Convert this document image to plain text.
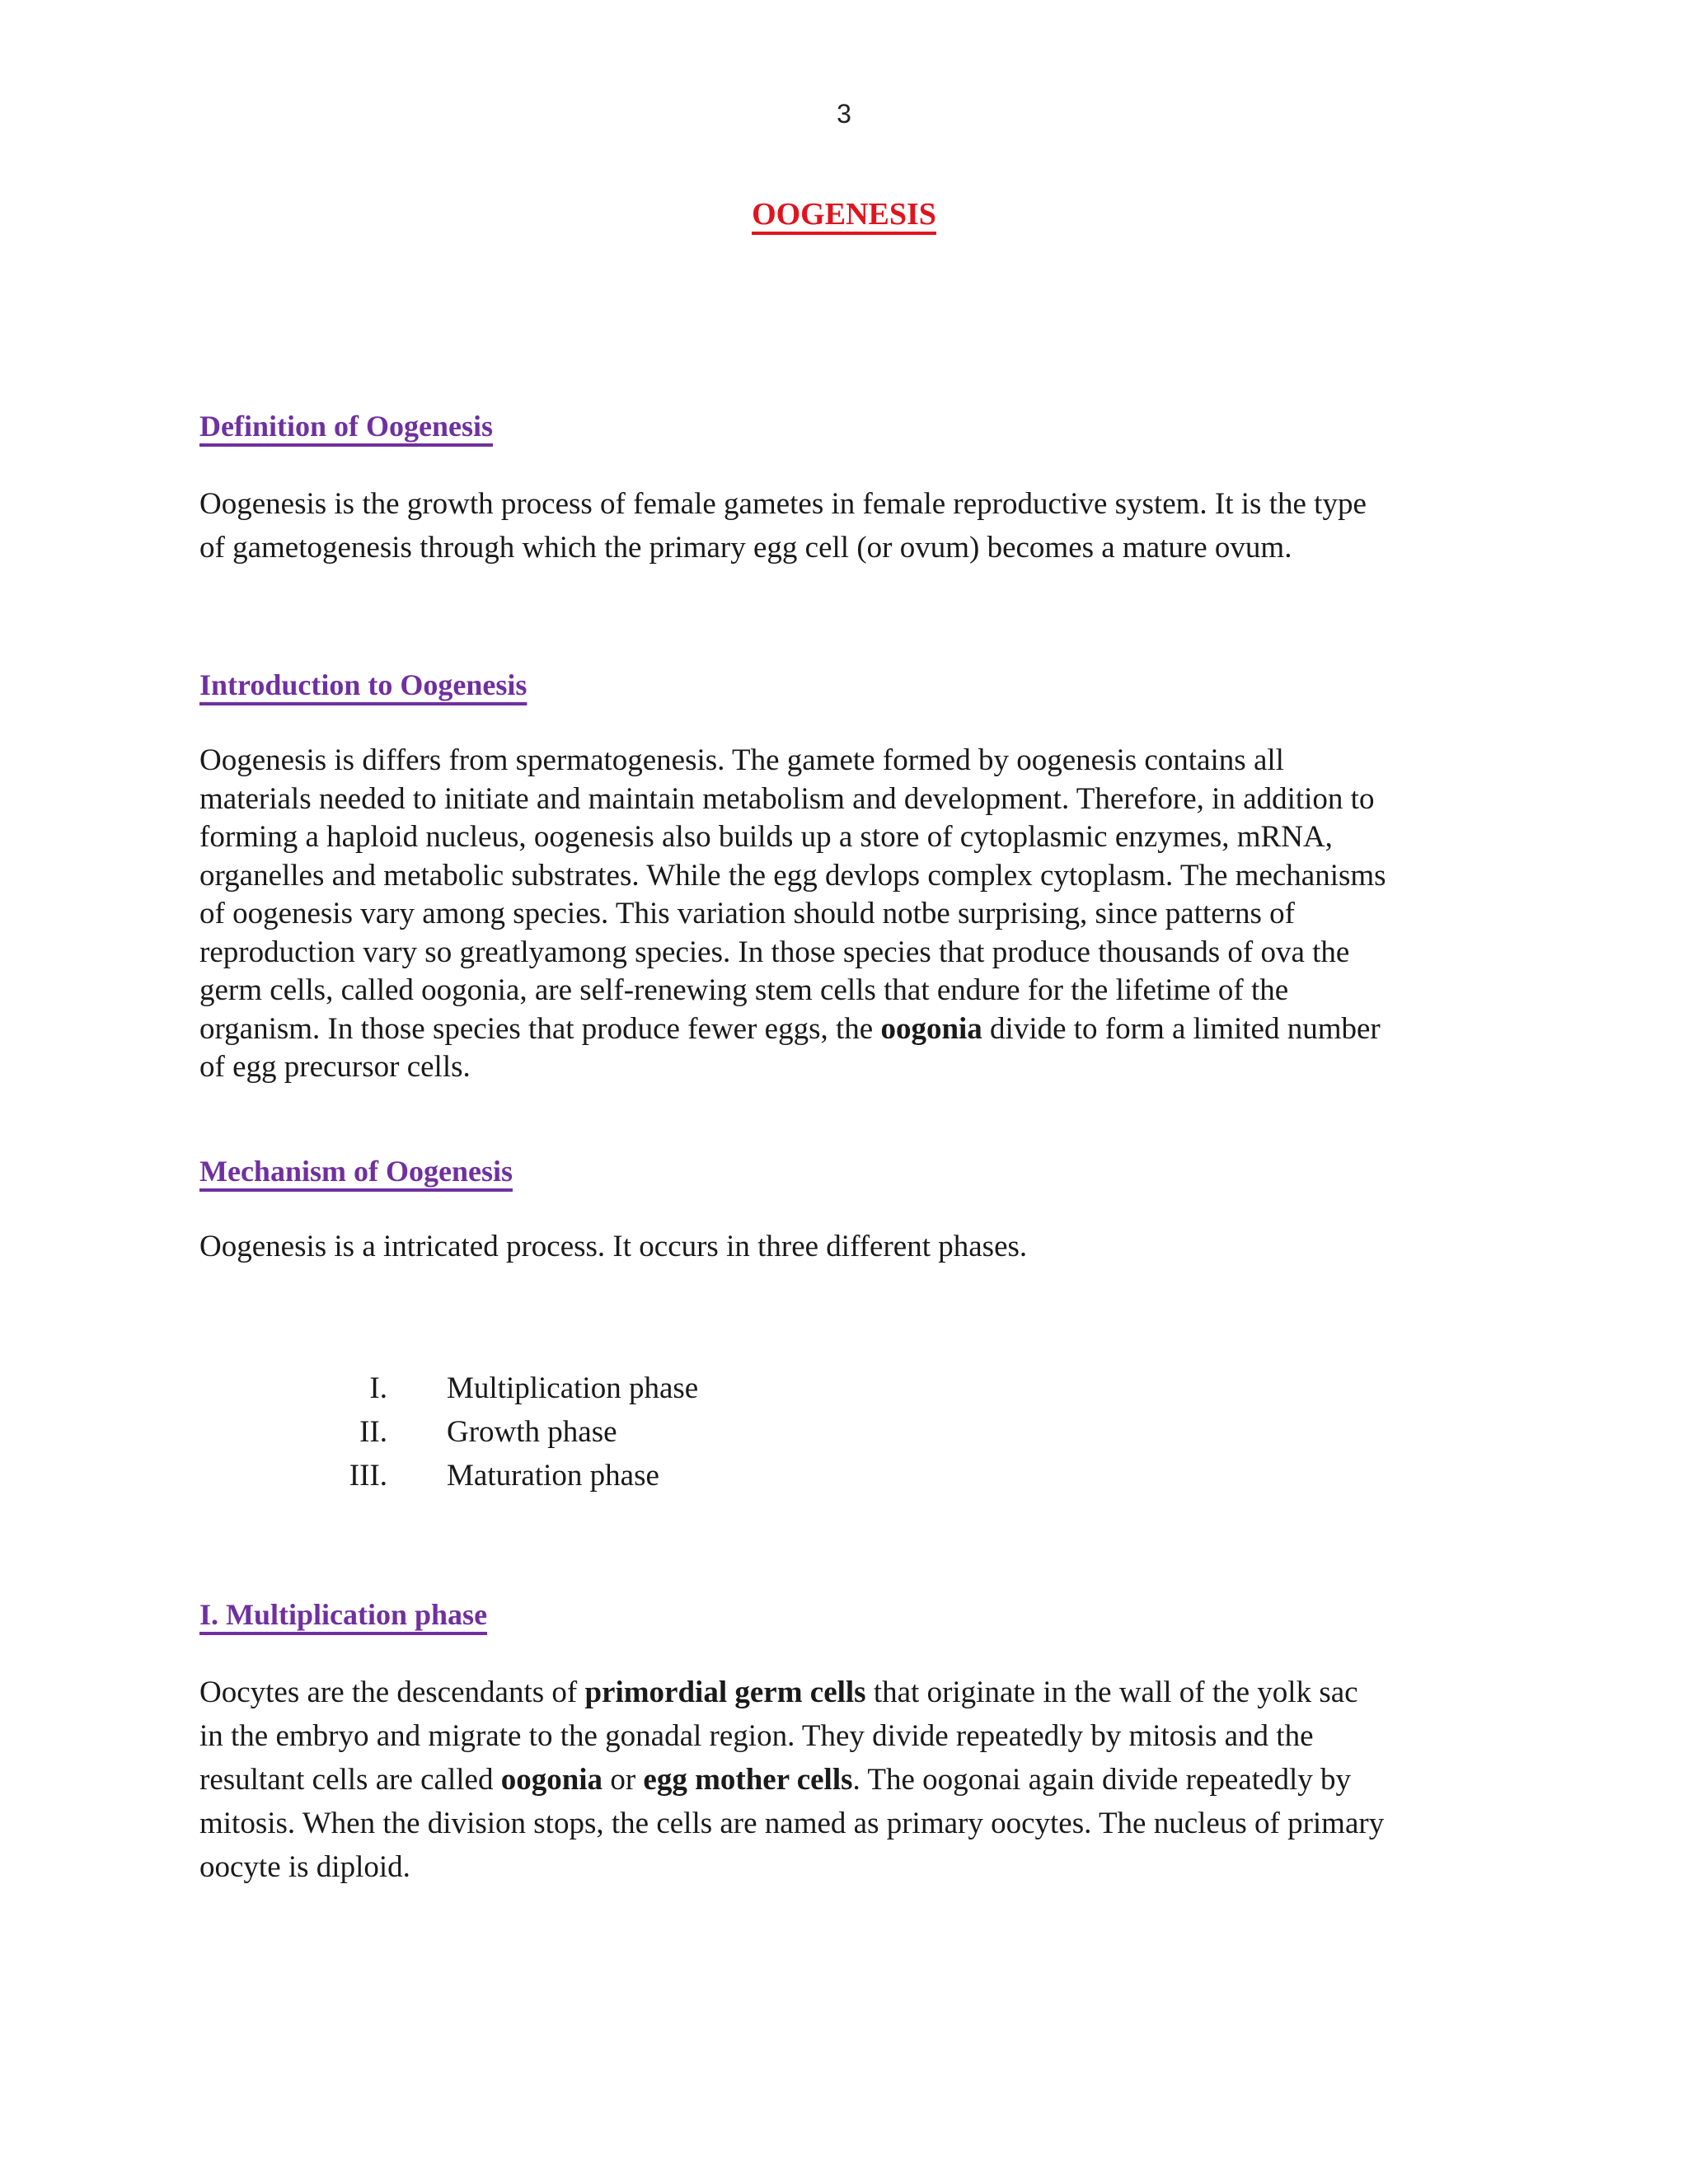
3
OOGENESIS
Definition of Oogenesis
Oogenesis is the growth process of female gametes in female reproductive system. It is the type
of gametogenesis through which the primary egg cell (or ovum) becomes a mature ovum.
Introduction to Oogenesis
Oogenesis is differs from spermatogenesis. The gamete formed by oogenesis contains all
materials needed to initiate and maintain metabolism and development. Therefore, in addition to
forming a haploid nucleus, oogenesis also builds up a store of cytoplasmic enzymes, mRNA,
organelles and metabolic substrates. While the egg devlops complex cytoplasm. The mechanisms
of oogenesis vary among species. This variation should notbe surprising, since patterns of
reproduction vary so greatlyamong species. In those species that produce thousands of ova the
germ cells, called oogonia, are self-renewing stem cells that endure for the lifetime of the
organism. In those species that produce fewer eggs, the oogonia divide to form a limited number
of egg precursor cells.
Mechanism of Oogenesis
Oogenesis is a intricated process. It occurs in three different phases.
I. Multiplication phase
II. Growth phase
III. Maturation phase
I. Multiplication phase
Oocytes are the descendants of primordial germ cells that originate in the wall of the yolk sac
in the embryo and migrate to the gonadal region. They divide repeatedly by mitosis and the
resultant cells are called oogonia or egg mother cells. The oogonai again divide repeatedly by
mitosis. When the division stops, the cells are named as primary oocytes. The nucleus of primary
oocyte is diploid.
